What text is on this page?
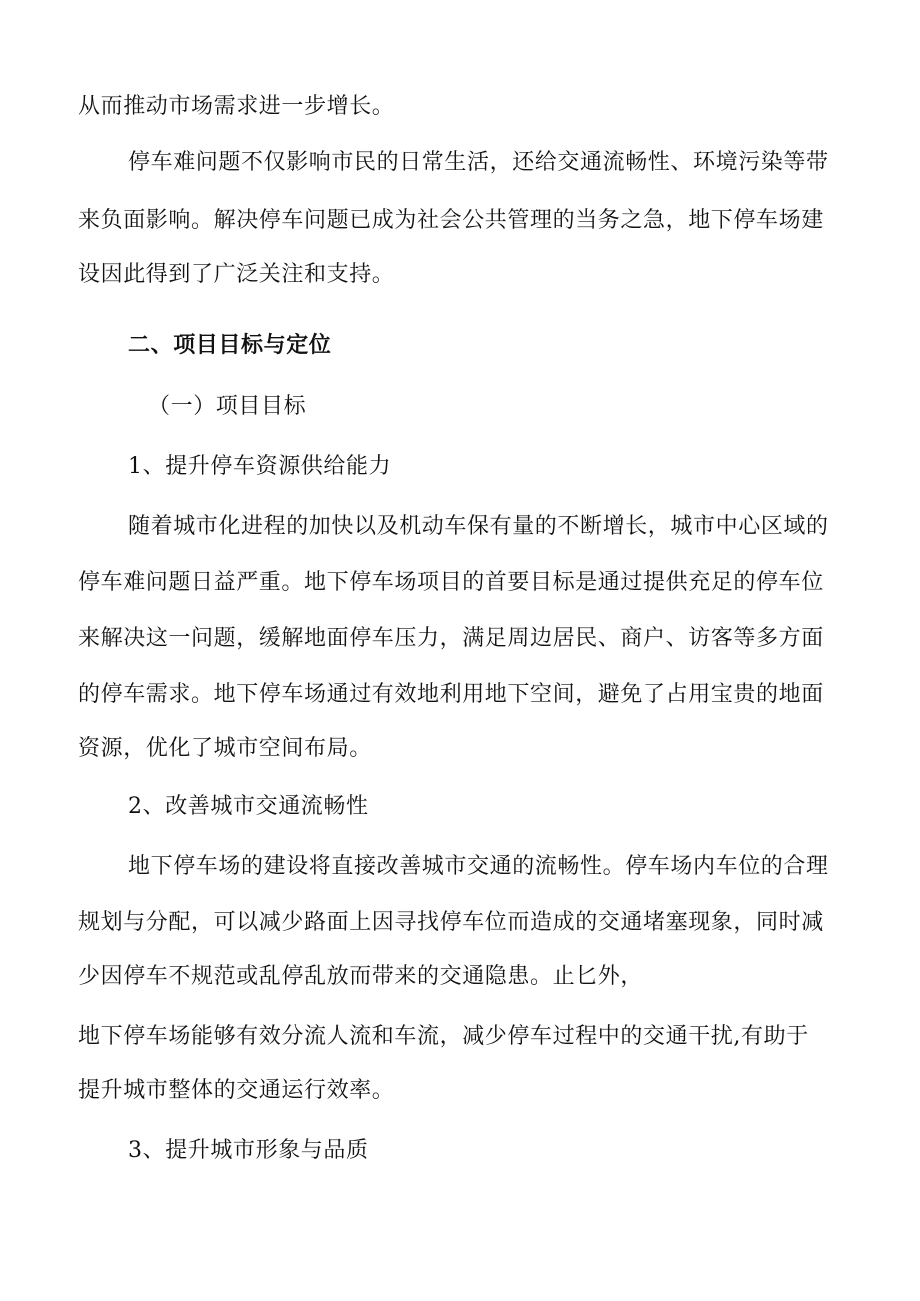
从而推动市场需求进一步增长。

停车难问题不仅影响市民的日常生活，还给交通流畅性、环境污染等带

来负面影响。解决停车问题已成为社会公共管理的当务之急，地下停车场建

设因此得到了广泛关注和支持。

二、项目目标与定位

（一）项目目标

1、提升停车资源供给能力

随着城市化进程的加快以及机动车保有量的不断增长，城市中心区域的

停车难问题日益严重。地下停车场项目的首要目标是通过提供充足的停车位

来解决这一问题，缓解地面停车压力，满足周边居民、商户、访客等多方面

的停车需求。地下停车场通过有效地利用地下空间，避免了占用宝贵的地面

资源，优化了城市空间布局。

2、改善城市交通流畅性

地下停车场的建设将直接改善城市交通的流畅性。停车场内车位的合理

规划与分配，可以减少路面上因寻找停车位而造成的交通堵塞现象，同时减

少因停车不规范或乱停乱放而带来的交通隐患。止匕外，

地下停车场能够有效分流人流和车流，减少停车过程中的交通干扰,有助于

提升城市整体的交通运行效率。

3、提升城市形象与品质
